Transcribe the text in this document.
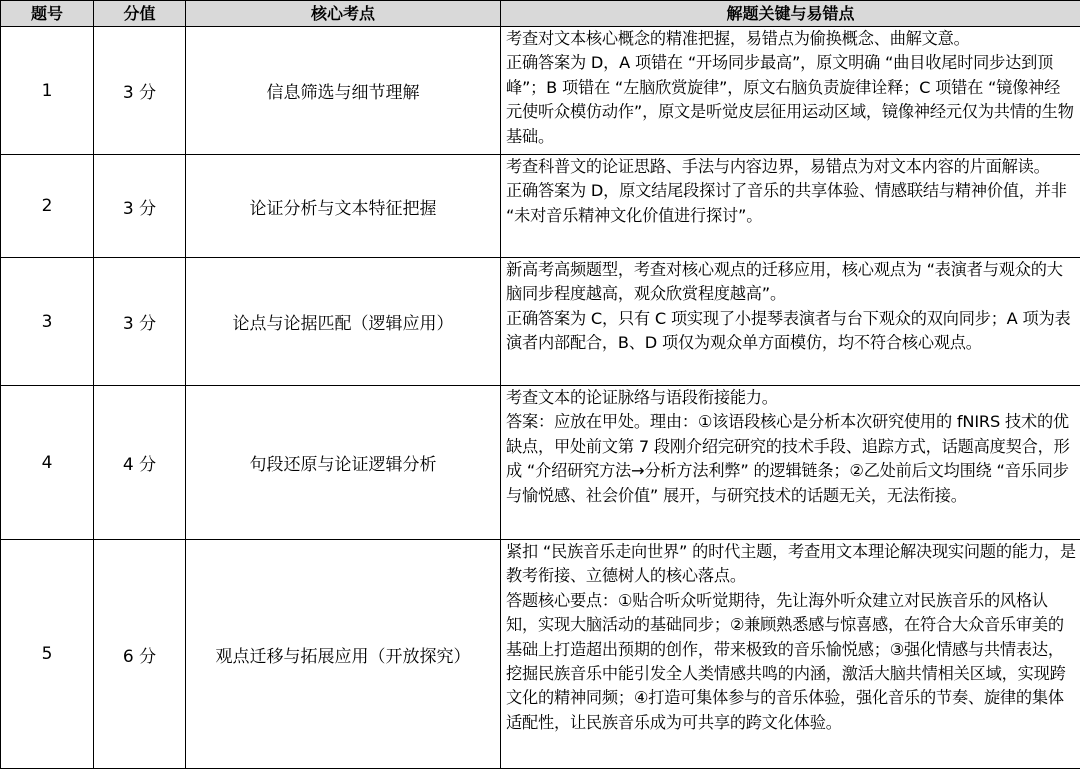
题号	分值	核心考点	解题关键与易错点
1	3 分	信息筛选与细节理解	考查对文本核心概念的精准把握，易错点为偷换概念、曲解文意。

正确答案为 D，A 项错在 “开场同步最高”，原文明确 “曲目收尾时同步达到顶峰”；B 项错在 “左脑欣赏旋律”，原文右脑负责旋律诠释；C 项错在 “镜像神经元使听众模仿动作”，原文是听觉皮层征用运动区域，镜像神经元仅为共情的生物基础。

2	3 分	论证分析与文本特征把握	考查科普文的论证思路、手法与内容边界，易错点为对文本内容的片面解读。

正确答案为 D，原文结尾段探讨了音乐的共享体验、情感联结与精神价值，并非 “未对音乐精神文化价值进行探讨”。

3	3 分	论点与论据匹配（逻辑应用）	新高考高频题型，考查对核心观点的迁移应用，核心观点为 “表演者与观众的大脑同步程度越高，观众欣赏程度越高”。

正确答案为 C，只有 C 项实现了小提琴表演者与台下观众的双向同步；A 项为表演者内部配合，B、D 项仅为观众单方面模仿，均不符合核心观点。

4	4 分	句段还原与论证逻辑分析	考查文本的论证脉络与语段衔接能力。

答案：应放在甲处。理由：①该语段核心是分析本次研究使用的 fNIRS 技术的优缺点，甲处前文第 7 段刚介绍完研究的技术手段、追踪方式，话题高度契合，形成 “介绍研究方法→分析方法利弊” 的逻辑链条；②乙处前后文均围绕 “音乐同步与愉悦感、社会价值” 展开，与研究技术的话题无关，无法衔接。

5	6 分	观点迁移与拓展应用（开放探究）	紧扣 “民族音乐走向世界” 的时代主题，考查用文本理论解决现实问题的能力，是教考衔接、立德树人的核心落点。

答题核心要点：①贴合听众听觉期待，先让海外听众建立对民族音乐的风格认知，实现大脑活动的基础同步；②兼顾熟悉感与惊喜感，在符合大众音乐审美的基础上打造超出预期的创作，带来极致的音乐愉悦感；③强化情感与共情表达，挖掘民族音乐中能引发全人类情感共鸣的内涵，激活大脑共情相关区域，实现跨文化的精神同频；④打造可集体参与的音乐体验，强化音乐的节奏、旋律的集体适配性，让民族音乐成为可共享的跨文化体验。
